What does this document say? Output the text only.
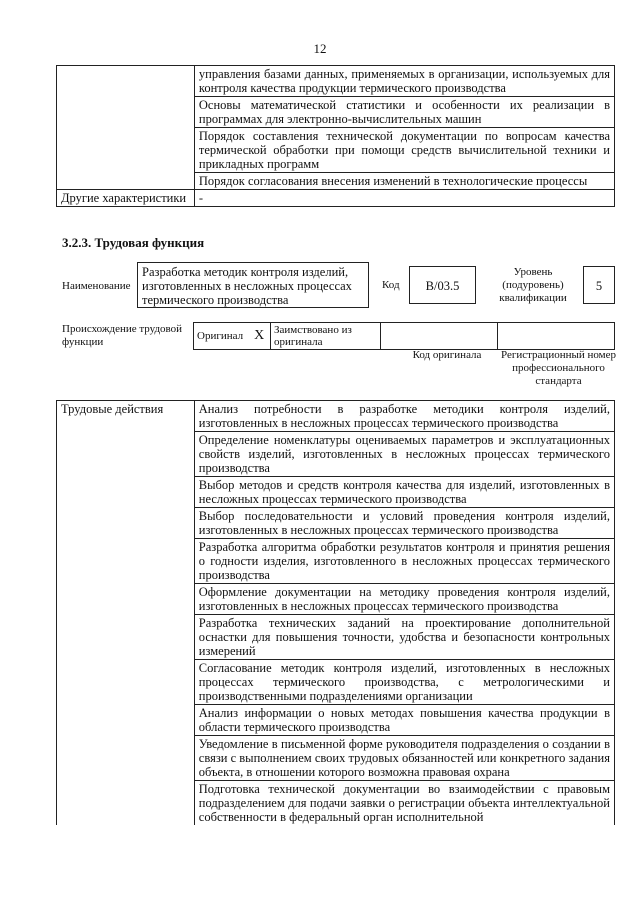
12
	управления базами данных, применяемых в организации, используемых для контроля качества продукции термического производства
	Основы математической статистики и особенности их реализации в программах для электронно-вычислительных машин
	Порядок составления технической документации по вопросам качества термической обработки при помощи средств вычислительной техники и прикладных программ
	Порядок согласования внесения изменений в технологические процессы
Другие характеристики	-
3.2.3. Трудовая функция
Наименование
Разработка методик контроля изделий, изготовленных в несложных процессах термического производства
Код	B/03.5
Уровень (подуровень) квалификации
5
Происхождение трудовой функции	Оригинал	X	Заимствовано из оригинала		
Код оригинала	Регистрационный номер профессионального стандарта
Трудовые действия	Анализ потребности в разработке методики контроля изделий, изготовленных в несложных процессах термического производства
Определение номенклатуры оцениваемых параметров и эксплуатационных свойств изделий, изготовленных в несложных процессах термического производства
Выбор методов и средств контроля качества для изделий, изготовленных в несложных процессах термического производства
Выбор последовательности и условий проведения контроля изделий, изготовленных в несложных процессах термического производства
Разработка алгоритма обработки результатов контроля и принятия решения о годности изделия, изготовленного в несложных процессах термического производства
Оформление документации на методику проведения контроля изделий, изготовленных в несложных процессах термического производства
Разработка технических заданий на проектирование дополнительной оснастки для повышения точности, удобства и безопасности контрольных измерений
Согласование методик контроля изделий, изготовленных в несложных процессах термического производства, с метрологическими и производственными подразделениями организации
Анализ информации о новых методах повышения качества продукции в области термического производства
Уведомление в письменной форме руководителя подразделения о создании в связи с выполнением своих трудовых обязанностей или конкретного задания объекта, в отношении которого возможна правовая охрана
Подготовка технической документации во взаимодействии с правовым подразделением для подачи заявки о регистрации объекта интеллектуальной собственности в федеральный орган исполнительной
